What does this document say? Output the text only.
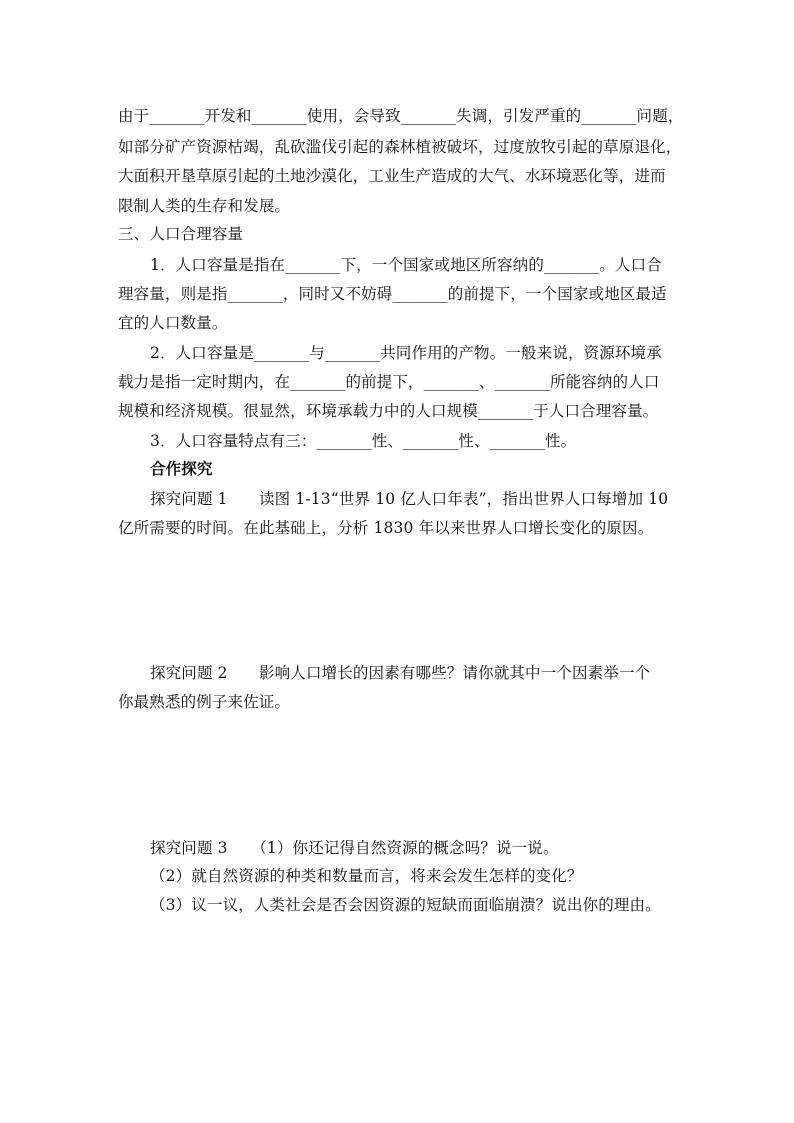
由于_______开发和_______使用，会导致_______失调，引发严重的_______问题，
如部分矿产资源枯竭，乱砍滥伐引起的森林植被破坏，过度放牧引起的草原退化，
大面积开垦草原引起的土地沙漠化，工业生产造成的大气、水环境恶化等，进而
限制人类的生存和发展。
三、人口合理容量
1．人口容量是指在_______下，一个国家或地区所容纳的_______。人口合
理容量，则是指_______，同时又不妨碍_______的前提下，一个国家或地区最适
宜的人口数量。
2．人口容量是_______与_______共同作用的产物。一般来说，资源环境承
载力是指一定时期内，在_______的前提下，_______、_______所能容纳的人口
规模和经济规模。很显然，环境承载力中的人口规模_______于人口合理容量。
3．人口容量特点有三：_______性、_______性、_______性。
合作探究
探究问题 1　　读图 1-13“世界 10 亿人口年表”，指出世界人口每增加 10
亿所需要的时间。在此基础上，分析 1830 年以来世界人口增长变化的原因。
探究问题 2　　影响人口增长的因素有哪些？请你就其中一个因素举一个
你最熟悉的例子来佐证。
探究问题 3　　（1）你还记得自然资源的概念吗？说一说。
（2）就自然资源的种类和数量而言，将来会发生怎样的变化？
（3）议一议，人类社会是否会因资源的短缺而面临崩溃？说出你的理由。
